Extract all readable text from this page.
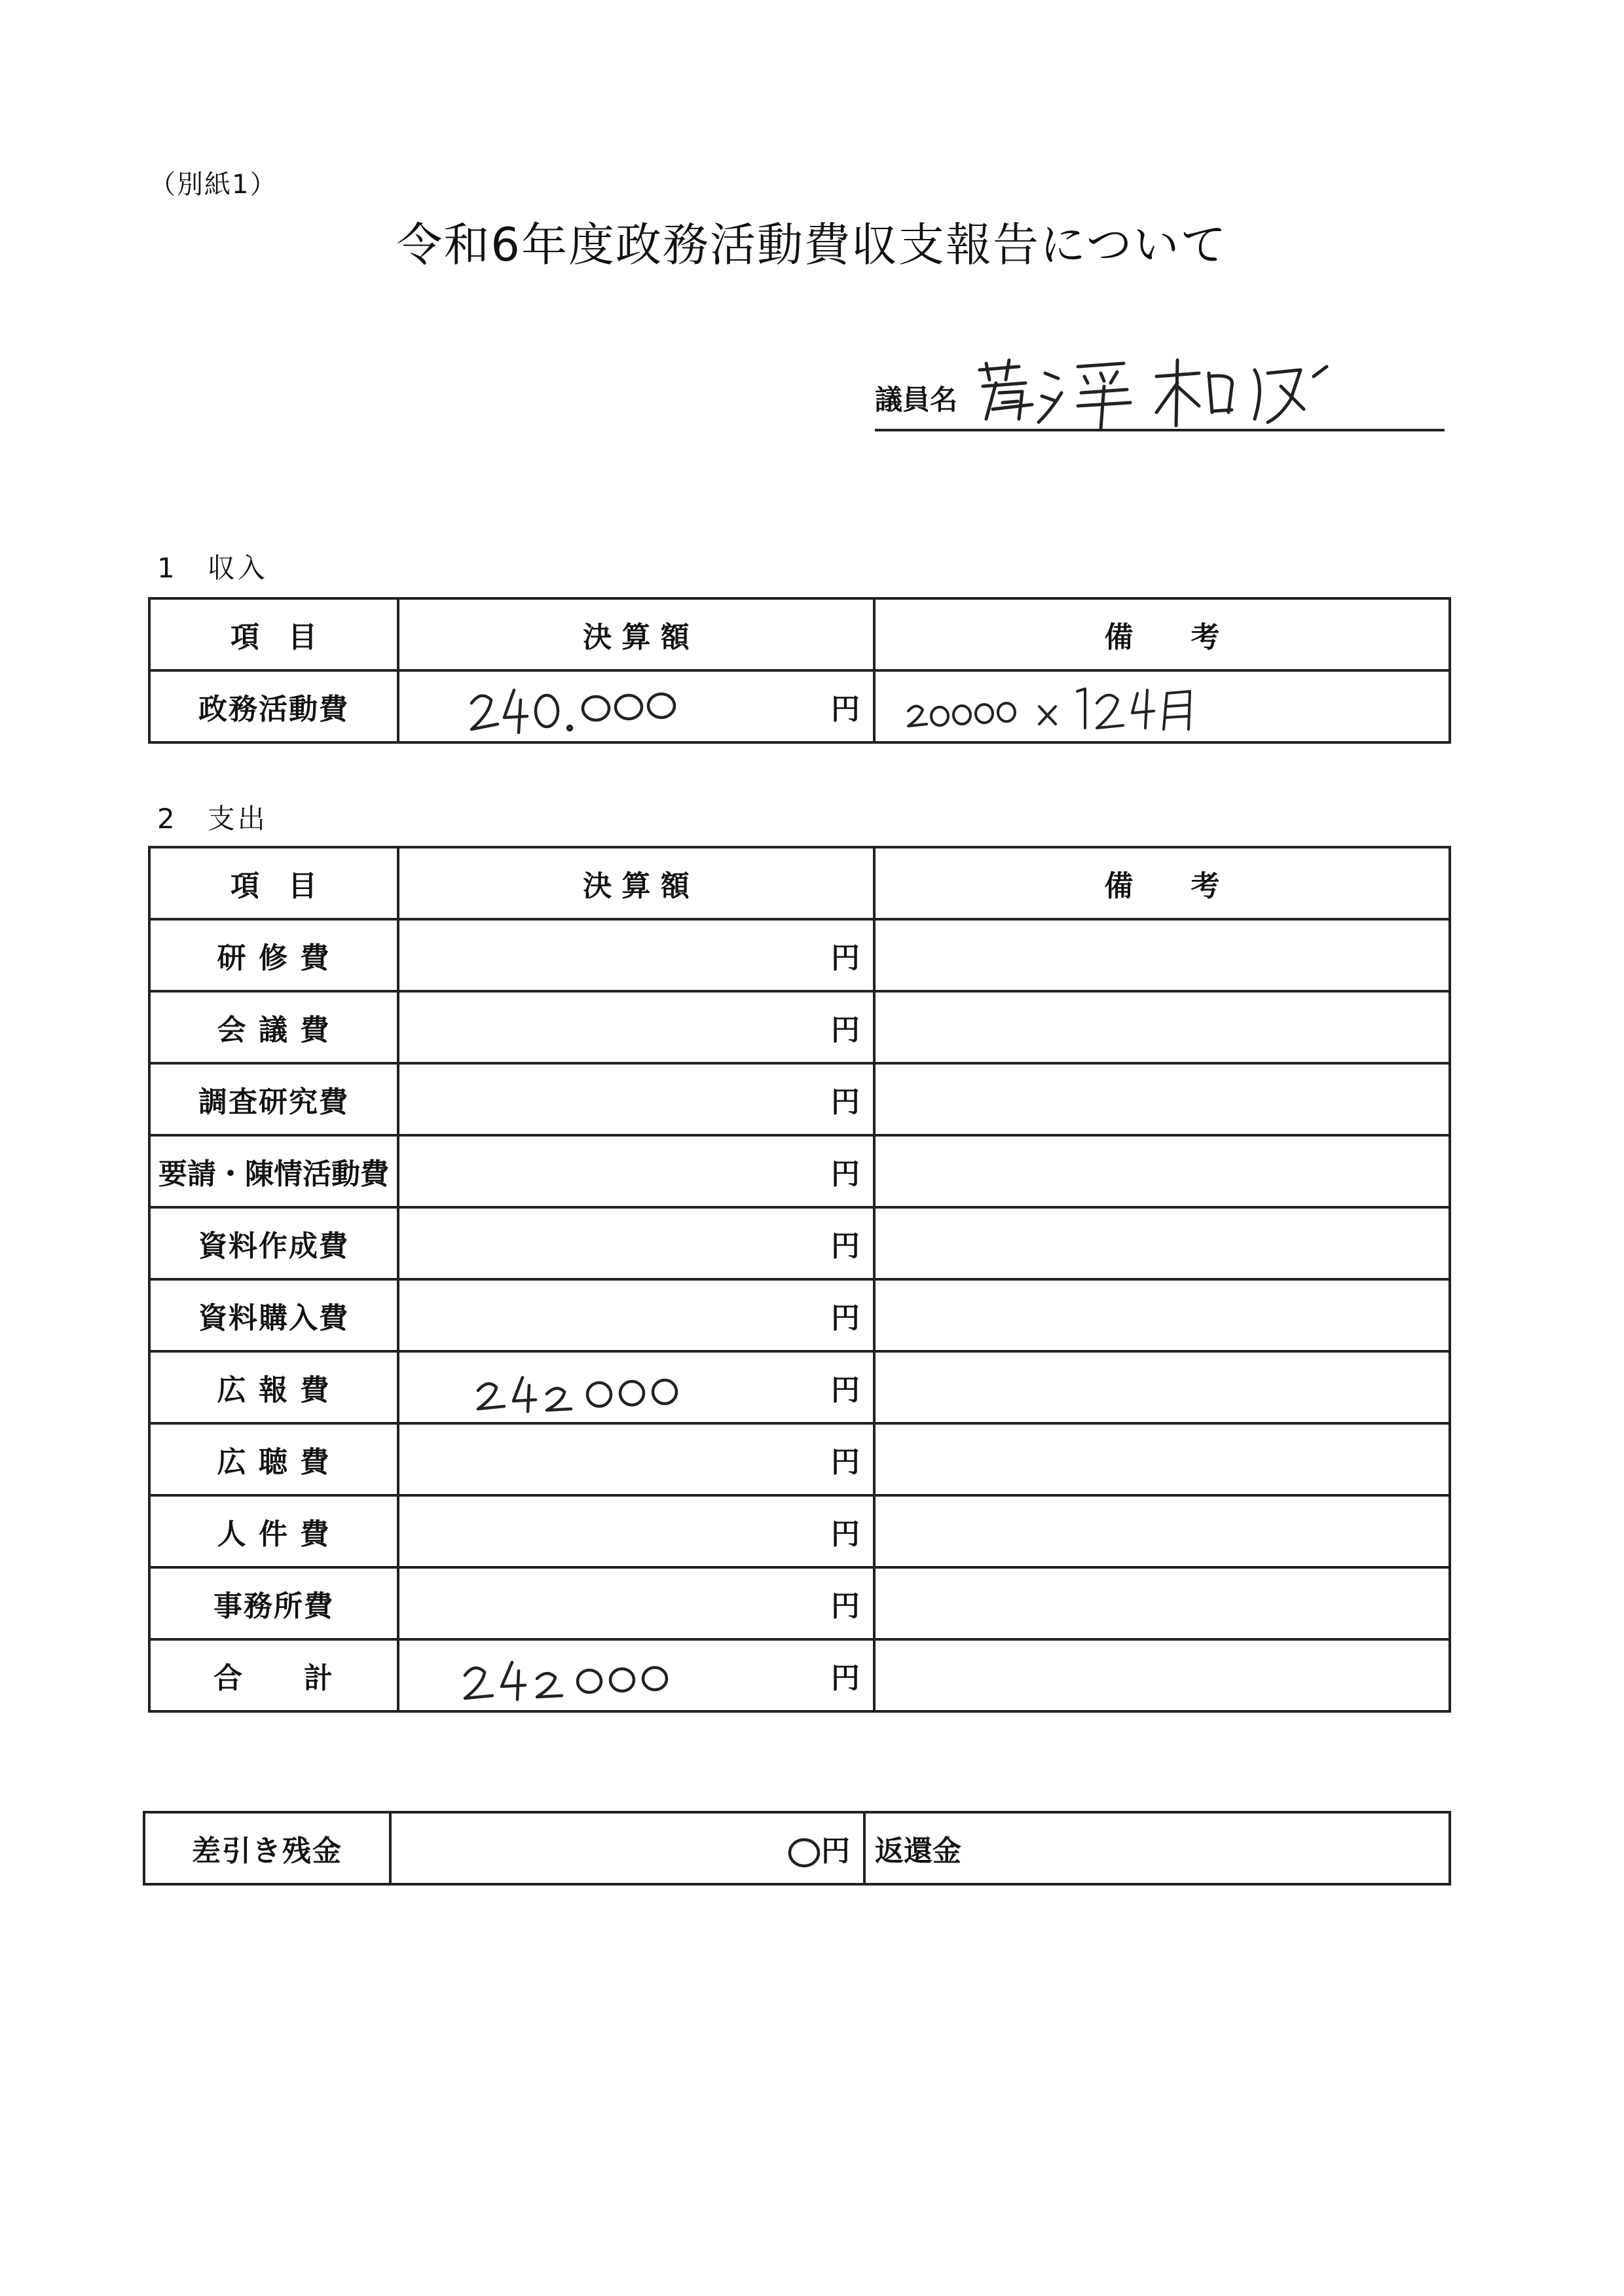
（別紙1）
令和6年度政務活動費収支報告について
議員名
1　収入
項　目	決 算 額	備　　考
政務活動費	円	
2　支出
項　目	決 算 額	備　　考
研 修 費	円	
会 議 費	円	
調査研究費	円	
要請・陳情活動費	円	
資料作成費	円	
資料購入費	円	
広 報 費	円	
広 聴 費	円	
人 件 費	円	
事務所費	円	
合　　計	円	
差引き残金	円	返還金
